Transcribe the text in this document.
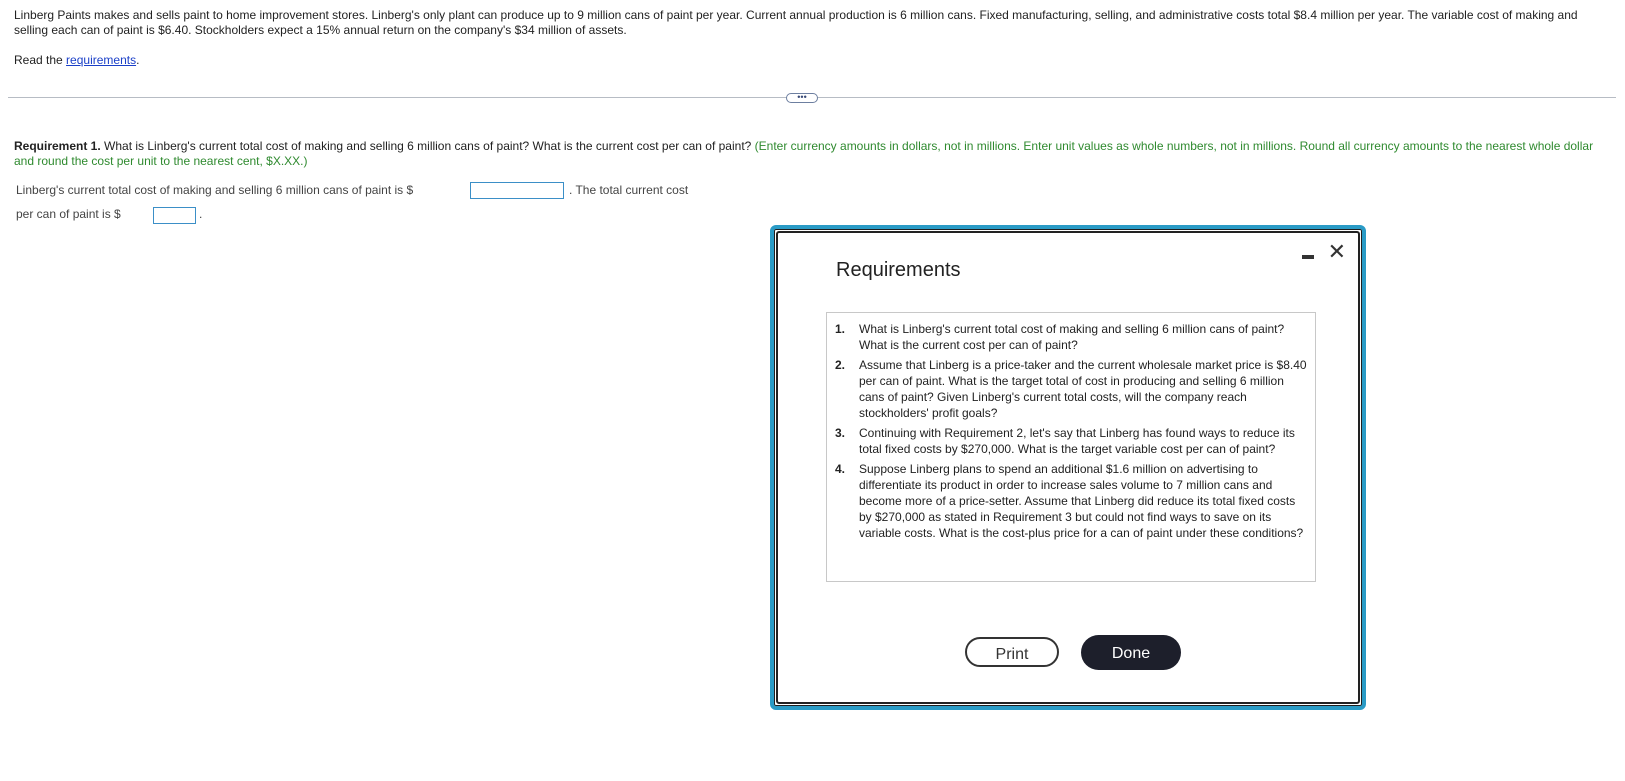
Linberg Paints makes and sells paint to home improvement stores. Linberg's only plant can produce up to 9 million cans of paint per year. Current annual production is 6 million cans. Fixed manufacturing, selling, and administrative costs total $8.4 million per year. The variable cost of making and selling each can of paint is $6.40. Stockholders expect a 15% annual return on the company's $34 million of assets.
Read the requirements.
•••
Requirement 1. What is Linberg's current total cost of making and selling 6 million cans of paint? What is the current cost per can of paint? (Enter currency amounts in dollars, not in millions. Enter unit values as whole numbers, not in millions. Round all currency amounts to the nearest whole dollar and round the cost per unit to the nearest cent, $X.XX.)
Linberg's current total cost of making and selling 6 million cans of paint is $	. The total current cost
per can of paint is $	.
Requirements
✕
1.	What is Linberg's current total cost of making and selling 6 million cans of paint? What is the current cost per can of paint?
2.	Assume that Linberg is a price-taker and the current wholesale market price is $8.40 per can of paint. What is the target total of cost in producing and selling 6 million cans of paint? Given Linberg's current total costs, will the company reach stockholders' profit goals?
3.	Continuing with Requirement 2, let's say that Linberg has found ways to reduce its total fixed costs by $270,000. What is the target variable cost per can of paint?
4.	Suppose Linberg plans to spend an additional $1.6 million on advertising to differentiate its product in order to increase sales volume to 7 million cans and become more of a price-setter. Assume that Linberg did reduce its total fixed costs by $270,000 as stated in Requirement 3 but could not find ways to save on its variable costs. What is the cost-plus price for a can of paint under these conditions?
Print	Done
